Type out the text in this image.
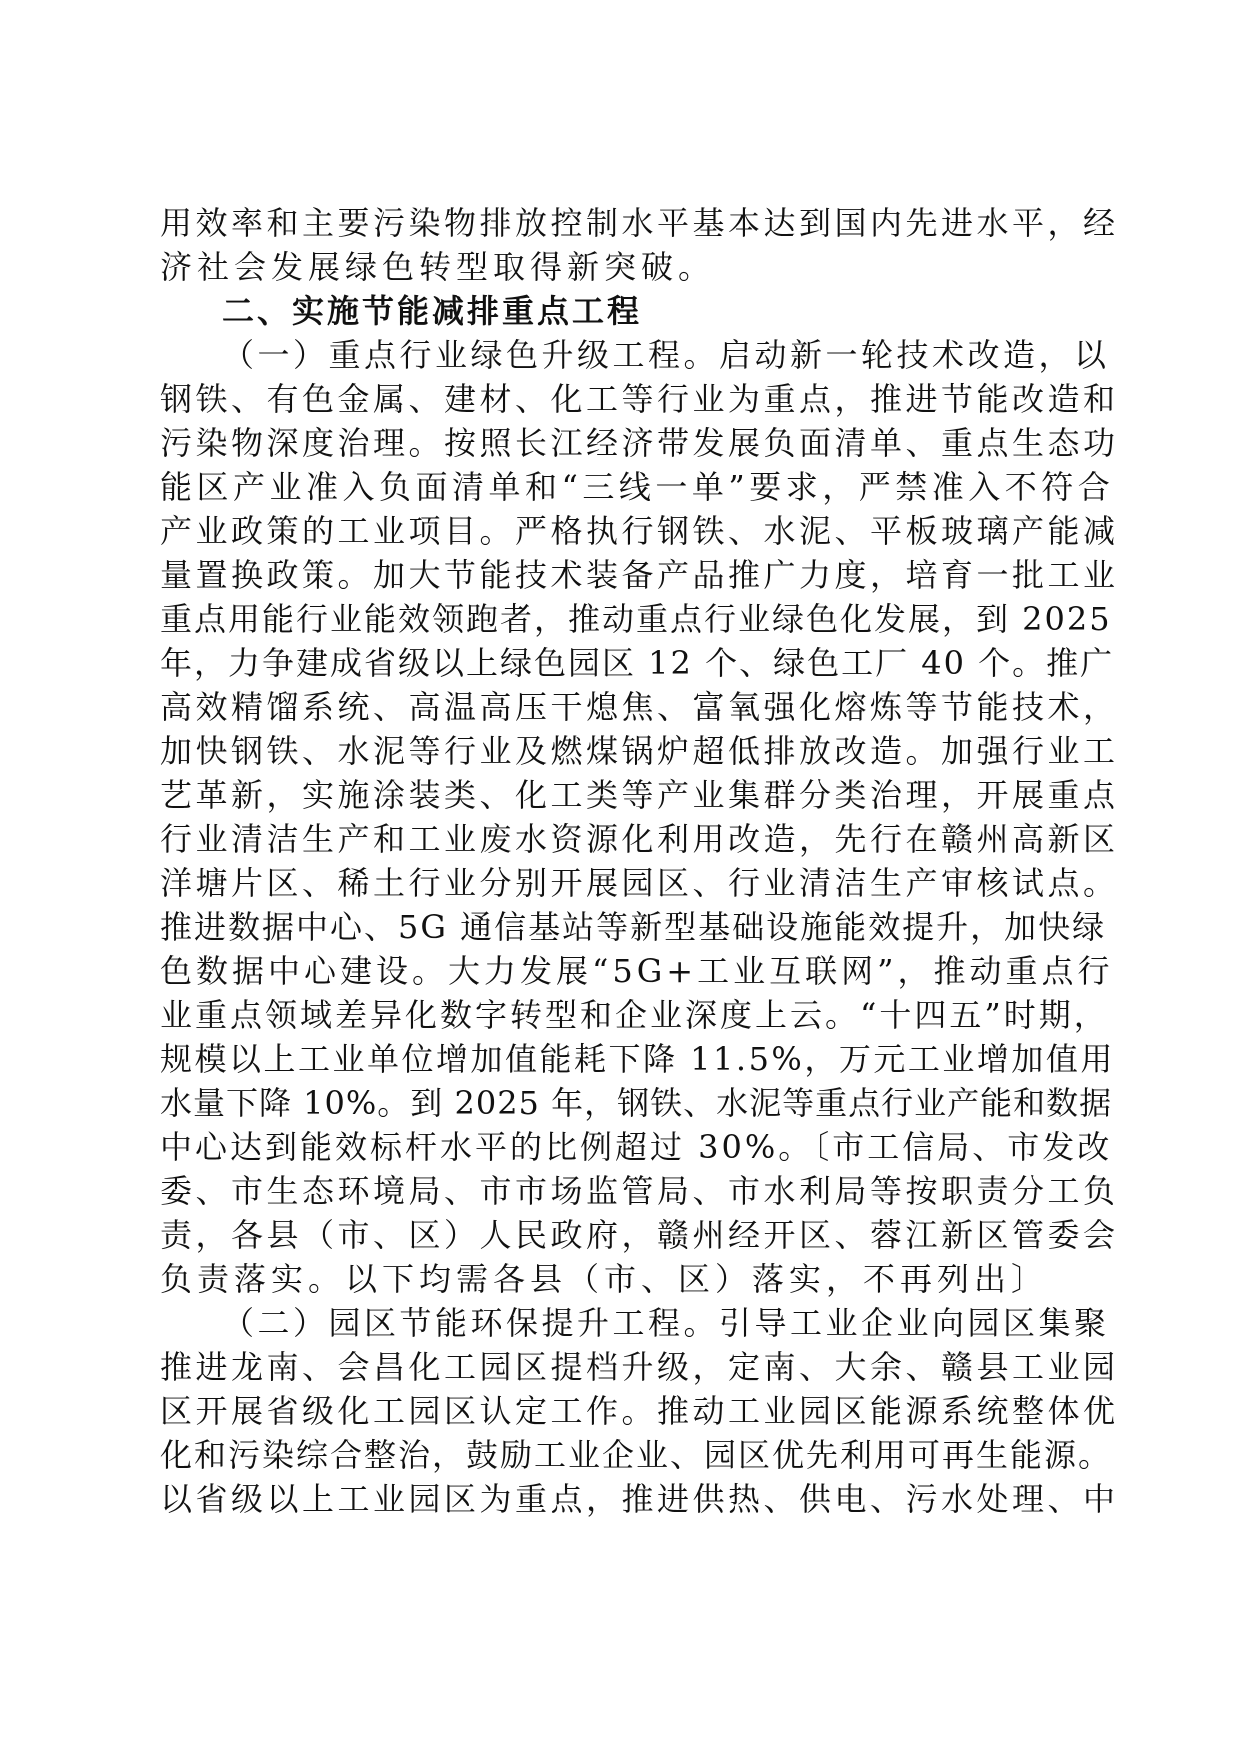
用效率和主要污染物排放控制水平基本达到国内先进水平，经
济社会发展绿色转型取得新突破。
二、实施节能减排重点工程
（一）重点行业绿色升级工程。启动新一轮技术改造，以
钢铁、有色金属、建材、化工等行业为重点，推进节能改造和
污染物深度治理。按照长江经济带发展负面清单、重点生态功
能区产业准入负面清单和“三线一单”要求，严禁准入不符合
产业政策的工业项目。严格执行钢铁、水泥、平板玻璃产能减
量置换政策。加大节能技术装备产品推广力度，培育一批工业
重点用能行业能效领跑者，推动重点行业绿色化发展，到 2025
年，力争建成省级以上绿色园区 12 个、绿色工厂 40 个。推广
高效精馏系统、高温高压干熄焦、富氧强化熔炼等节能技术，
加快钢铁、水泥等行业及燃煤锅炉超低排放改造。加强行业工
艺革新，实施涂装类、化工类等产业集群分类治理，开展重点
行业清洁生产和工业废水资源化利用改造，先行在赣州高新区
洋塘片区、稀土行业分别开展园区、行业清洁生产审核试点。
推进数据中心、5G 通信基站等新型基础设施能效提升，加快绿
色数据中心建设。大力发展“5G+工业互联网”，推动重点行
业重点领域差异化数字转型和企业深度上云。“十四五”时期，
规模以上工业单位增加值能耗下降 11.5%，万元工业增加值用
水量下降 10%。到 2025 年，钢铁、水泥等重点行业产能和数据
中心达到能效标杆水平的比例超过 30%。〔市工信局、市发改
委、市生态环境局、市市场监管局、市水利局等按职责分工负
责，各县（市、区）人民政府，赣州经开区、蓉江新区管委会
负责落实。以下均需各县（市、区）落实，不再列出〕
（二）园区节能环保提升工程。引导工业企业向园区集聚
推进龙南、会昌化工园区提档升级，定南、大余、赣县工业园
区开展省级化工园区认定工作。推动工业园区能源系统整体优
化和污染综合整治，鼓励工业企业、园区优先利用可再生能源。
以省级以上工业园区为重点，推进供热、供电、污水处理、中
